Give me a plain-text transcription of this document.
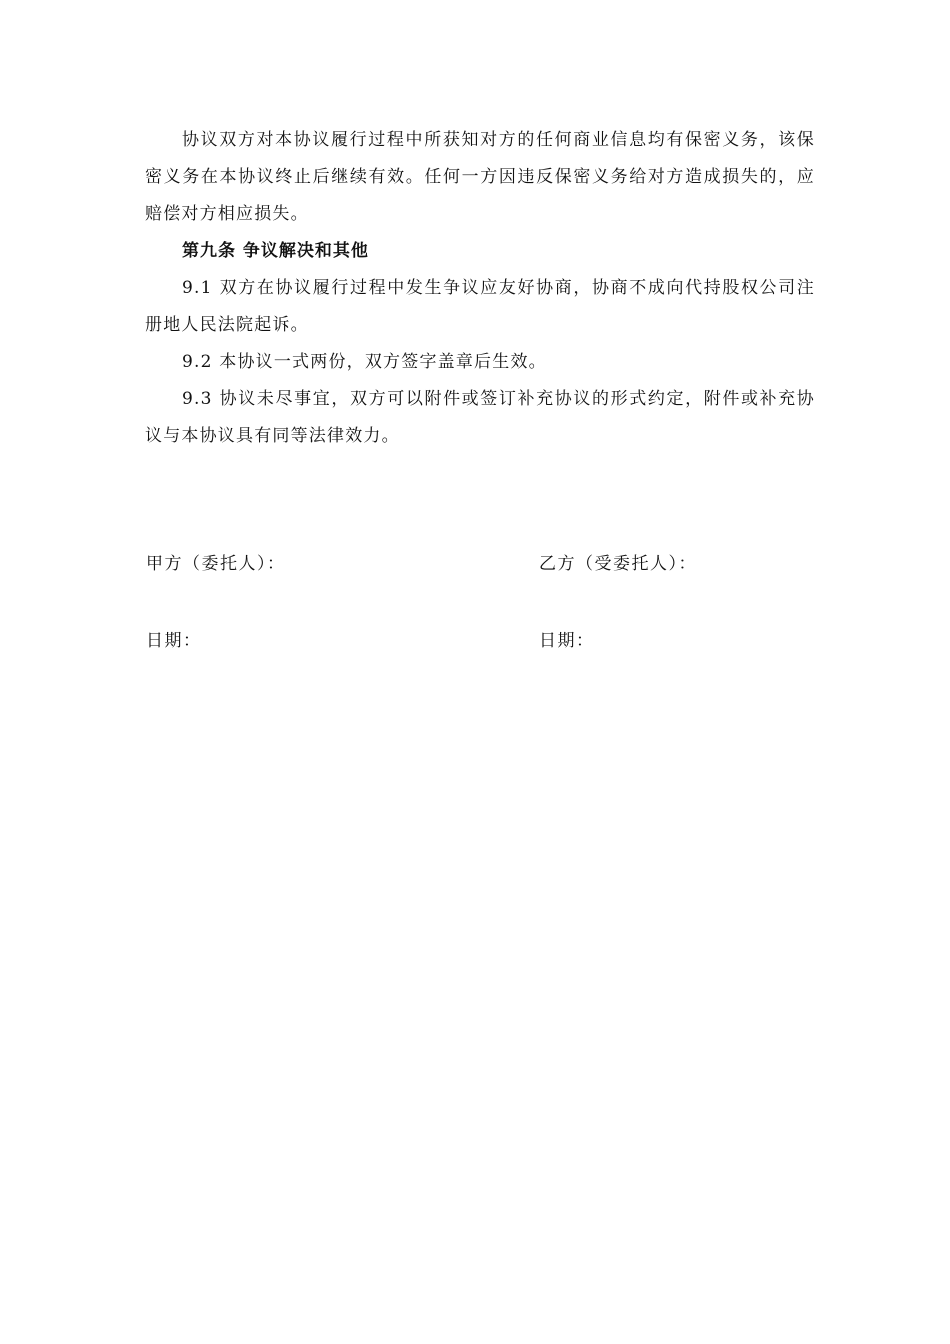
协议双方对本协议履行过程中所获知对方的任何商业信息均有保密义务，该保密义务在本协议终止后继续有效。任何一方因违反保密义务给对方造成损失的，应赔偿对方相应损失。

第九条 争议解决和其他

9.1 双方在协议履行过程中发生争议应友好协商，协商不成向代持股权公司注册地人民法院起诉。

9.2 本协议一式两份，双方签字盖章后生效。

9.3 协议未尽事宜，双方可以附件或签订补充协议的形式约定，附件或补充协议与本协议具有同等法律效力。

甲方（委托人）：	乙方（受委托人）：
日期：	日期：
